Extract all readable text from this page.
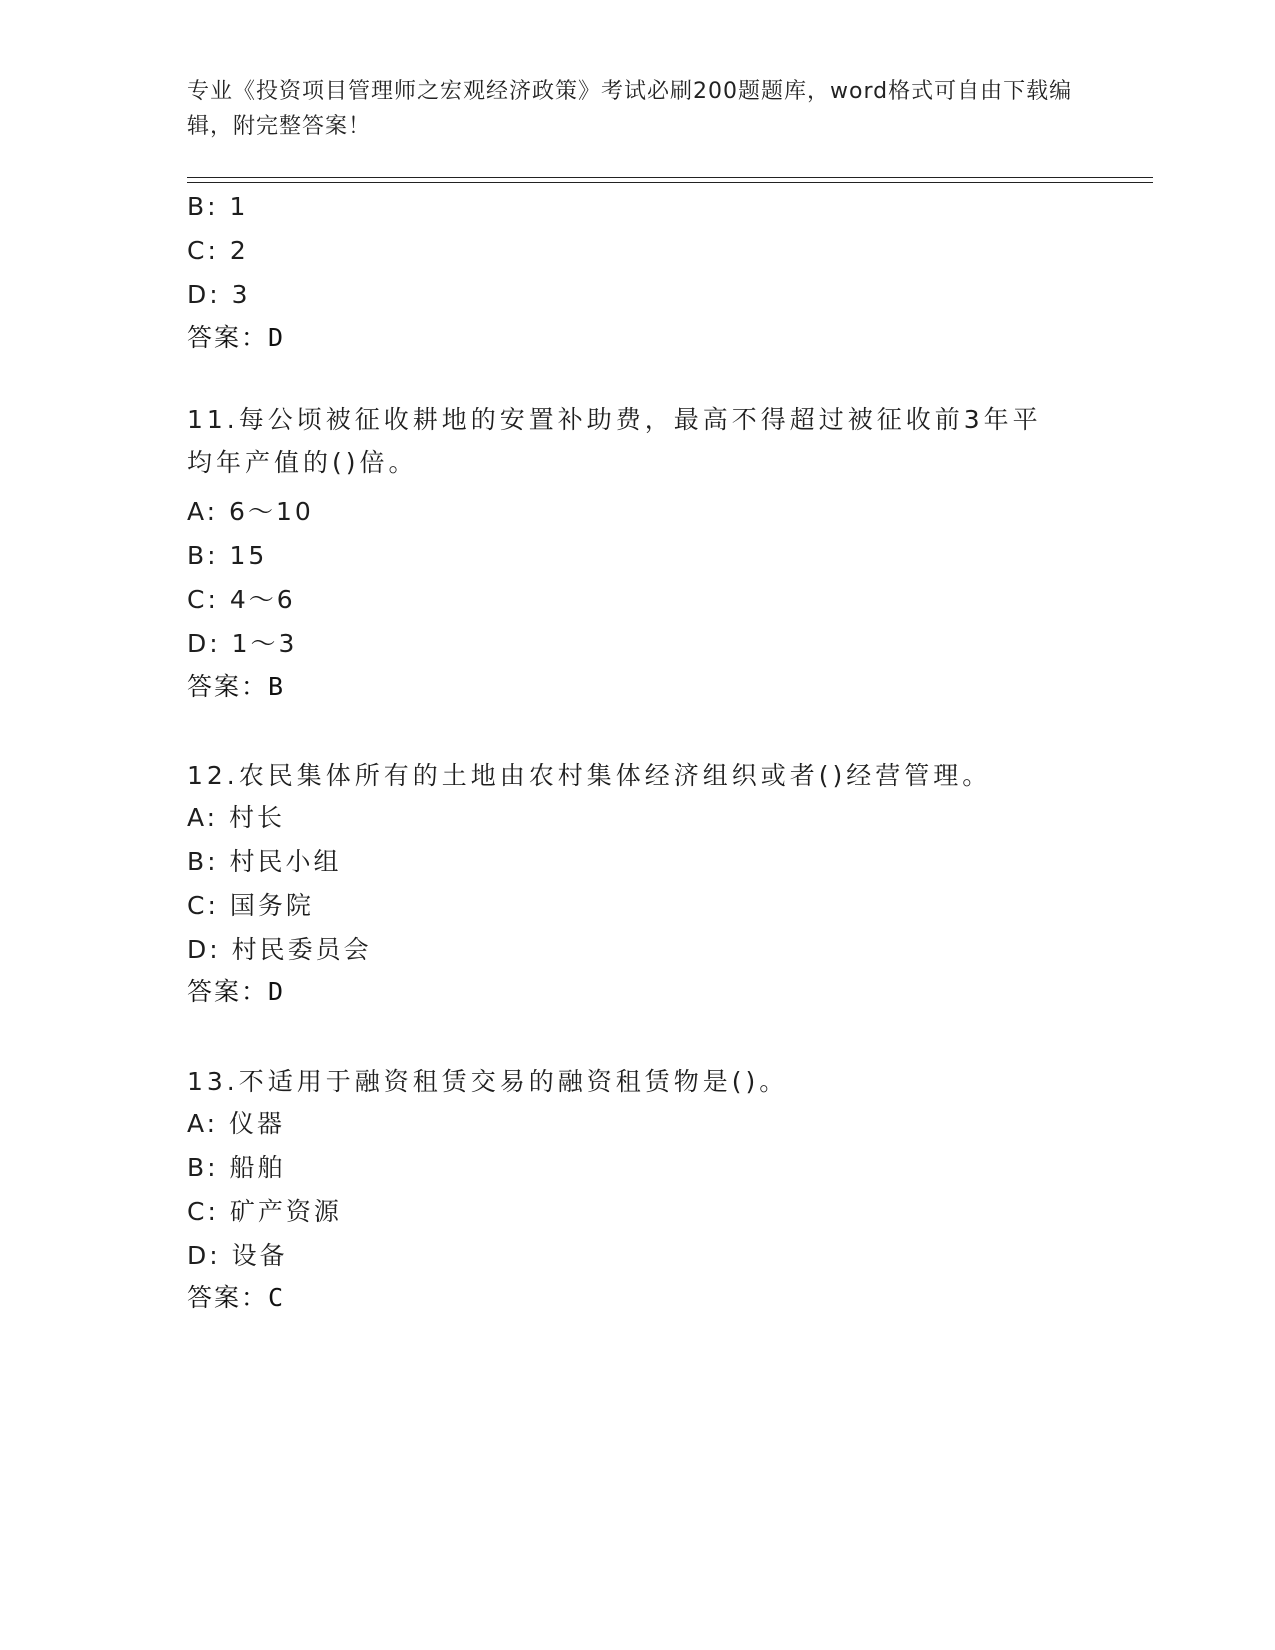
专业《投资项目管理师之宏观经济政策》考试必刷200题题库，word格式可自由下载编辑，附完整答案！
B: 1
C: 2
D: 3
答案：D
11.每公顷被征收耕地的安置补助费，最高不得超过被征收前3年平均年产值的()倍。
A: 6～10
B: 15
C: 4～6
D: 1～3
答案：B
12.农民集体所有的土地由农村集体经济组织或者()经营管理。
A: 村长
B: 村民小组
C: 国务院
D: 村民委员会
答案：D
13.不适用于融资租赁交易的融资租赁物是()。
A: 仪器
B: 船舶
C: 矿产资源
D: 设备
答案：C
